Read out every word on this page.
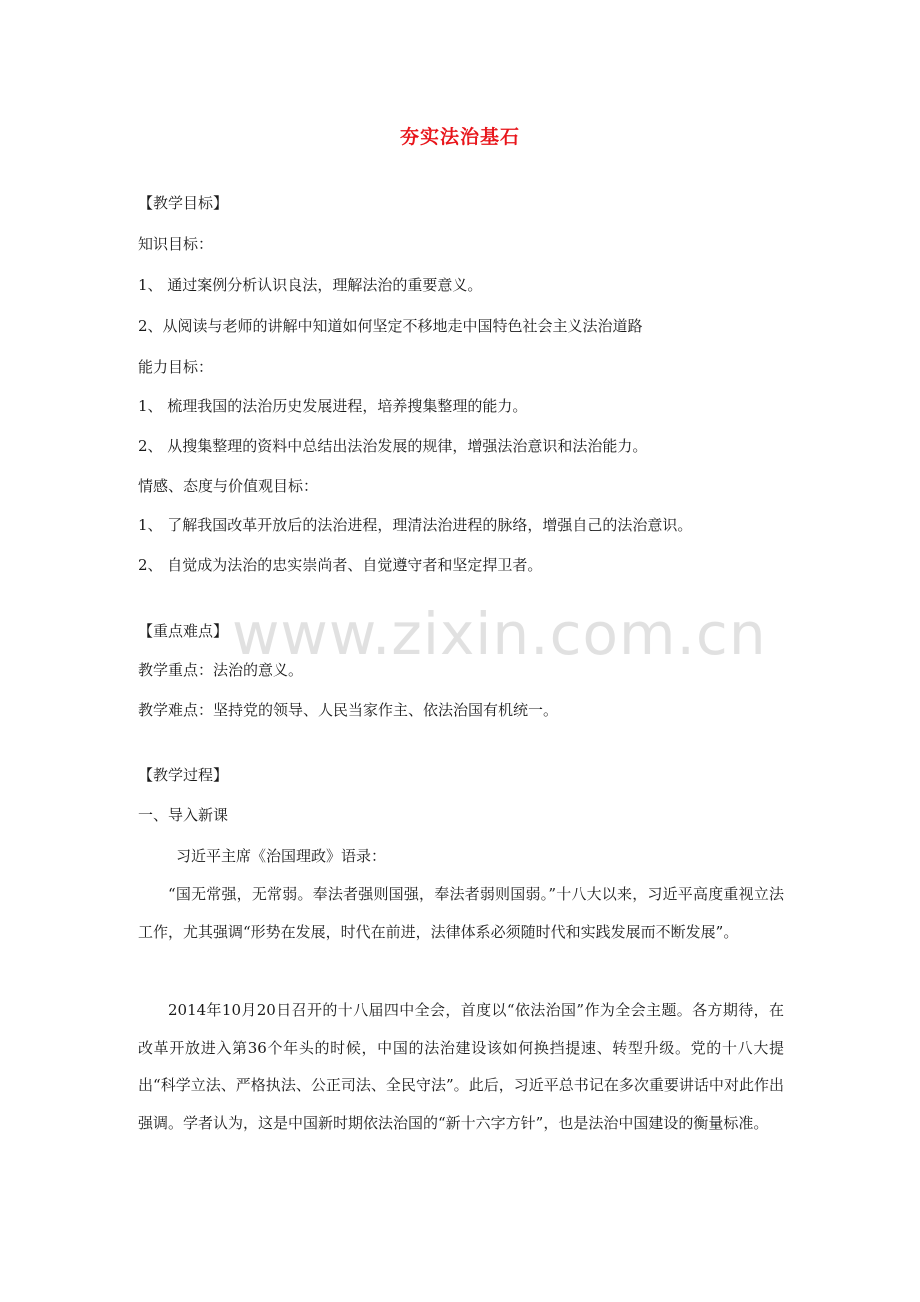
夯实法治基石
【教学目标】
知识目标：
1、 通过案例分析认识良法，理解法治的重要意义。
2、从阅读与老师的讲解中知道如何坚定不移地走中国特色社会主义法治道路
能力目标：
1、 梳理我国的法治历史发展进程，培养搜集整理的能力。
2、 从搜集整理的资料中总结出法治发展的规律，增强法治意识和法治能力。
情感、态度与价值观目标：
1、 了解我国改革开放后的法治进程，理清法治进程的脉络，增强自己的法治意识。
2、 自觉成为法治的忠实崇尚者、自觉遵守者和坚定捍卫者。
【重点难点】
教学重点：法治的意义。
教学难点：坚持党的领导、人民当家作主、依法治国有机统一。
【教学过程】
一、导入新课
习近平主席《治国理政》语录：
“国无常强，无常弱。奉法者强则国强，奉法者弱则国弱。”十八大以来，习近平高度重视立法工作，尤其强调“形势在发展，时代在前进，法律体系必须随时代和实践发展而不断发展”。
2014年10月20日召开的十八届四中全会，首度以“依法治国”作为全会主题。各方期待，在改革开放进入第36个年头的时候，中国的法治建设该如何换挡提速、转型升级。党的十八大提出“科学立法、严格执法、公正司法、全民守法”。此后，习近平总书记在多次重要讲话中对此作出强调。学者认为，这是中国新时期依法治国的“新十六字方针”，也是法治中国建设的衡量标准。
www.zixin.com.cn
